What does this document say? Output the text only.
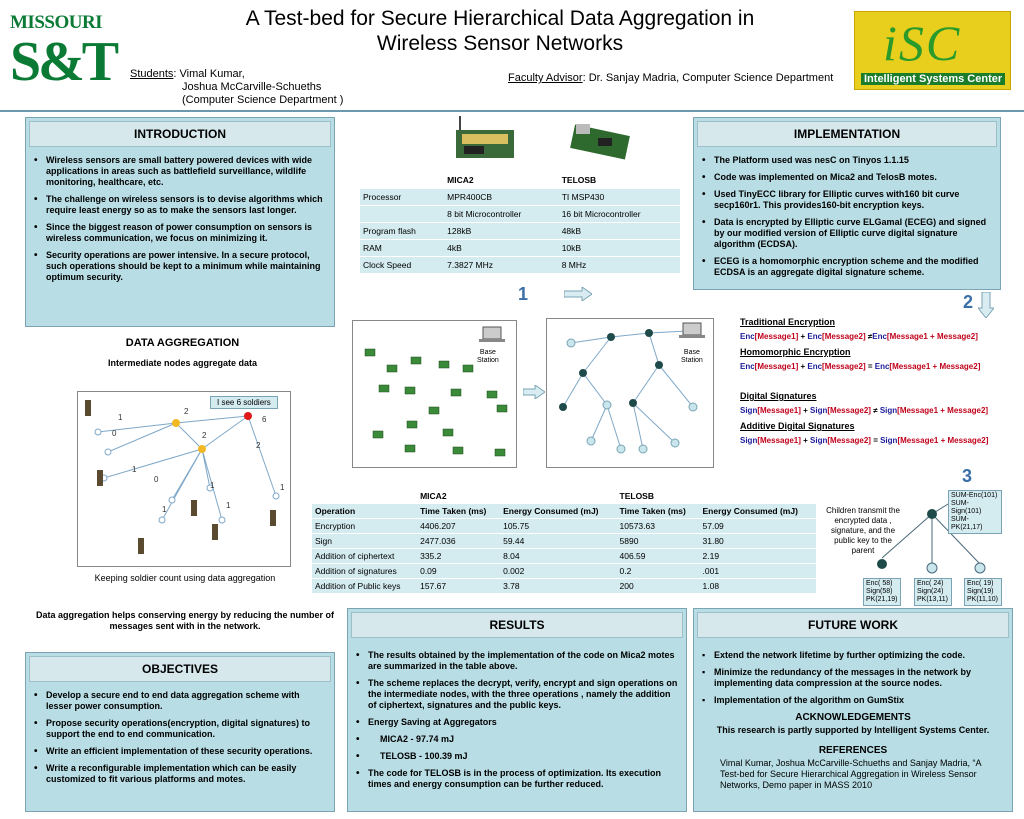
MISSOURI
S&T
A Test-bed for Secure Hierarchical Data Aggregation in
Wireless Sensor Networks
Students: Vimal Kumar,
Joshua McCarville-Schueths
(Computer Science Department )
Faculty Advisor: Dr. Sanjay Madria, Computer Science Department
iSC
Intelligent Systems Center
INTRODUCTION
• Wireless sensors are small battery powered devices with wide applications in areas such as battlefield surveillance, wildlife monitoring, healthcare, etc.
• The challenge on wireless sensors is to devise algorithms which require least energy so as to make the sensors last longer.
• Since the biggest reason of power consumption on sensors is wireless communication, we focus on minimizing it.
• Security operations are power intensive. In a secure protocol, such operations should be kept to a minimum while maintaining optimum security.
DATA AGGREGATION
Intermediate nodes aggregate data
2
6
1
0	2
2
1
0
1
1	1
1
I see 6 soldiers
Keeping soldier count using data aggregation
Data aggregation helps conserving energy by reducing the number of messages sent with in the network.
OBJECTIVES
• Develop a secure end to end data aggregation scheme with lesser power consumption.
• Propose security operations(encryption, digital signatures) to support the end to end communication.
• Write an efficient implementation of these security operations.
• Write a reconfigurable implementation which can be easily customized to fit various platforms and motes.
	MICA2	TELOSB
Processor	MPR400CB	TI MSP430
	8 bit Microcontroller	16 bit Microcontroller
Program flash	128kB	48kB
RAM	4kB	10kB
Clock Speed	7.3827 MHz	8 MHz
IMPLEMENTATION
• The Platform used was nesC on Tinyos 1.1.15
• Code was implemented on Mica2 and TelosB motes.
• Used TinyECC library for Elliptic curves with160 bit curve secp160r1. This provides160-bit encryption keys.
• Data is encrypted by Elliptic curve ELGamal (ECEG) and signed by our modified version of Elliptic curve digital signature algorithm (ECDSA).
• ECEG is a homomorphic encryption scheme and the modified ECDSA is an aggregate digital signature scheme.
1	2
Base
Station
Base
Station
Traditional Encryption
Enc[Message1] + Enc[Message2] ≠Enc[Message1 + Message2]
Homomorphic Encryption
Enc[Message1] + Enc[Message2] = Enc[Message1 + Message2]
Digital Signatures
Sign[Message1] + Sign[Message2] ≠ Sign[Message1 + Message2]
Additive Digital Signatures
Sign[Message1] + Sign[Message2] = Sign[Message1 + Message2]
3
	MICA2		TELOSB	
Operation	Time Taken (ms)	Energy Consumed (mJ)	Time Taken (ms)	Energy Consumed (mJ)
Encryption	4406.207	105.75	10573.63	57.09
Sign	2477.036	59.44	5890	31.80
Addition of ciphertext	335.2	8.04	406.59	2.19
Addition of signatures	0.09	0.002	0.2	.001
Addition of Public keys	157.67	3.78	200	1.08
Children transmit the encrypted data , signature, and the public key to the parent
SUM-Enc(101)
SUM-Sign(101)
SUM-PK(21,17)
Enc( 58)
Sign(58)
PK(21,19)
Enc( 24)
Sign(24)
PK(13,11)
Enc( 19)
Sign(19)
PK(11,10)
RESULTS
• The results obtained by the implementation of the code on Mica2 motes are summarized in the table above.
• The scheme replaces the decrypt, verify, encrypt and sign operations on the intermediate nodes, with the three operations , namely the addition of ciphertext, signatures and the public keys.
• Energy Saving at Aggregators
• MICA2 - 97.74 mJ
• TELOSB - 100.39 mJ
• The code for TELOSB is in the process of optimization. Its execution times and energy consumption can be further reduced.
FUTURE WORK
▪ Extend the network lifetime by further optimizing the code.
▪ Minimize the redundancy of the messages in the network by implementing data compression at the source nodes.
▪ Implementation of the algorithm on GumStix
ACKNOWLEDGEMENTS
This research is partly supported by Intelligent Systems Center.
REFERENCES
Vimal Kumar, Joshua McCarville-Schueths and Sanjay Madria, “A Test-bed for Secure Hierarchical Aggregation in Wireless Sensor Networks, Demo paper in MASS 2010
